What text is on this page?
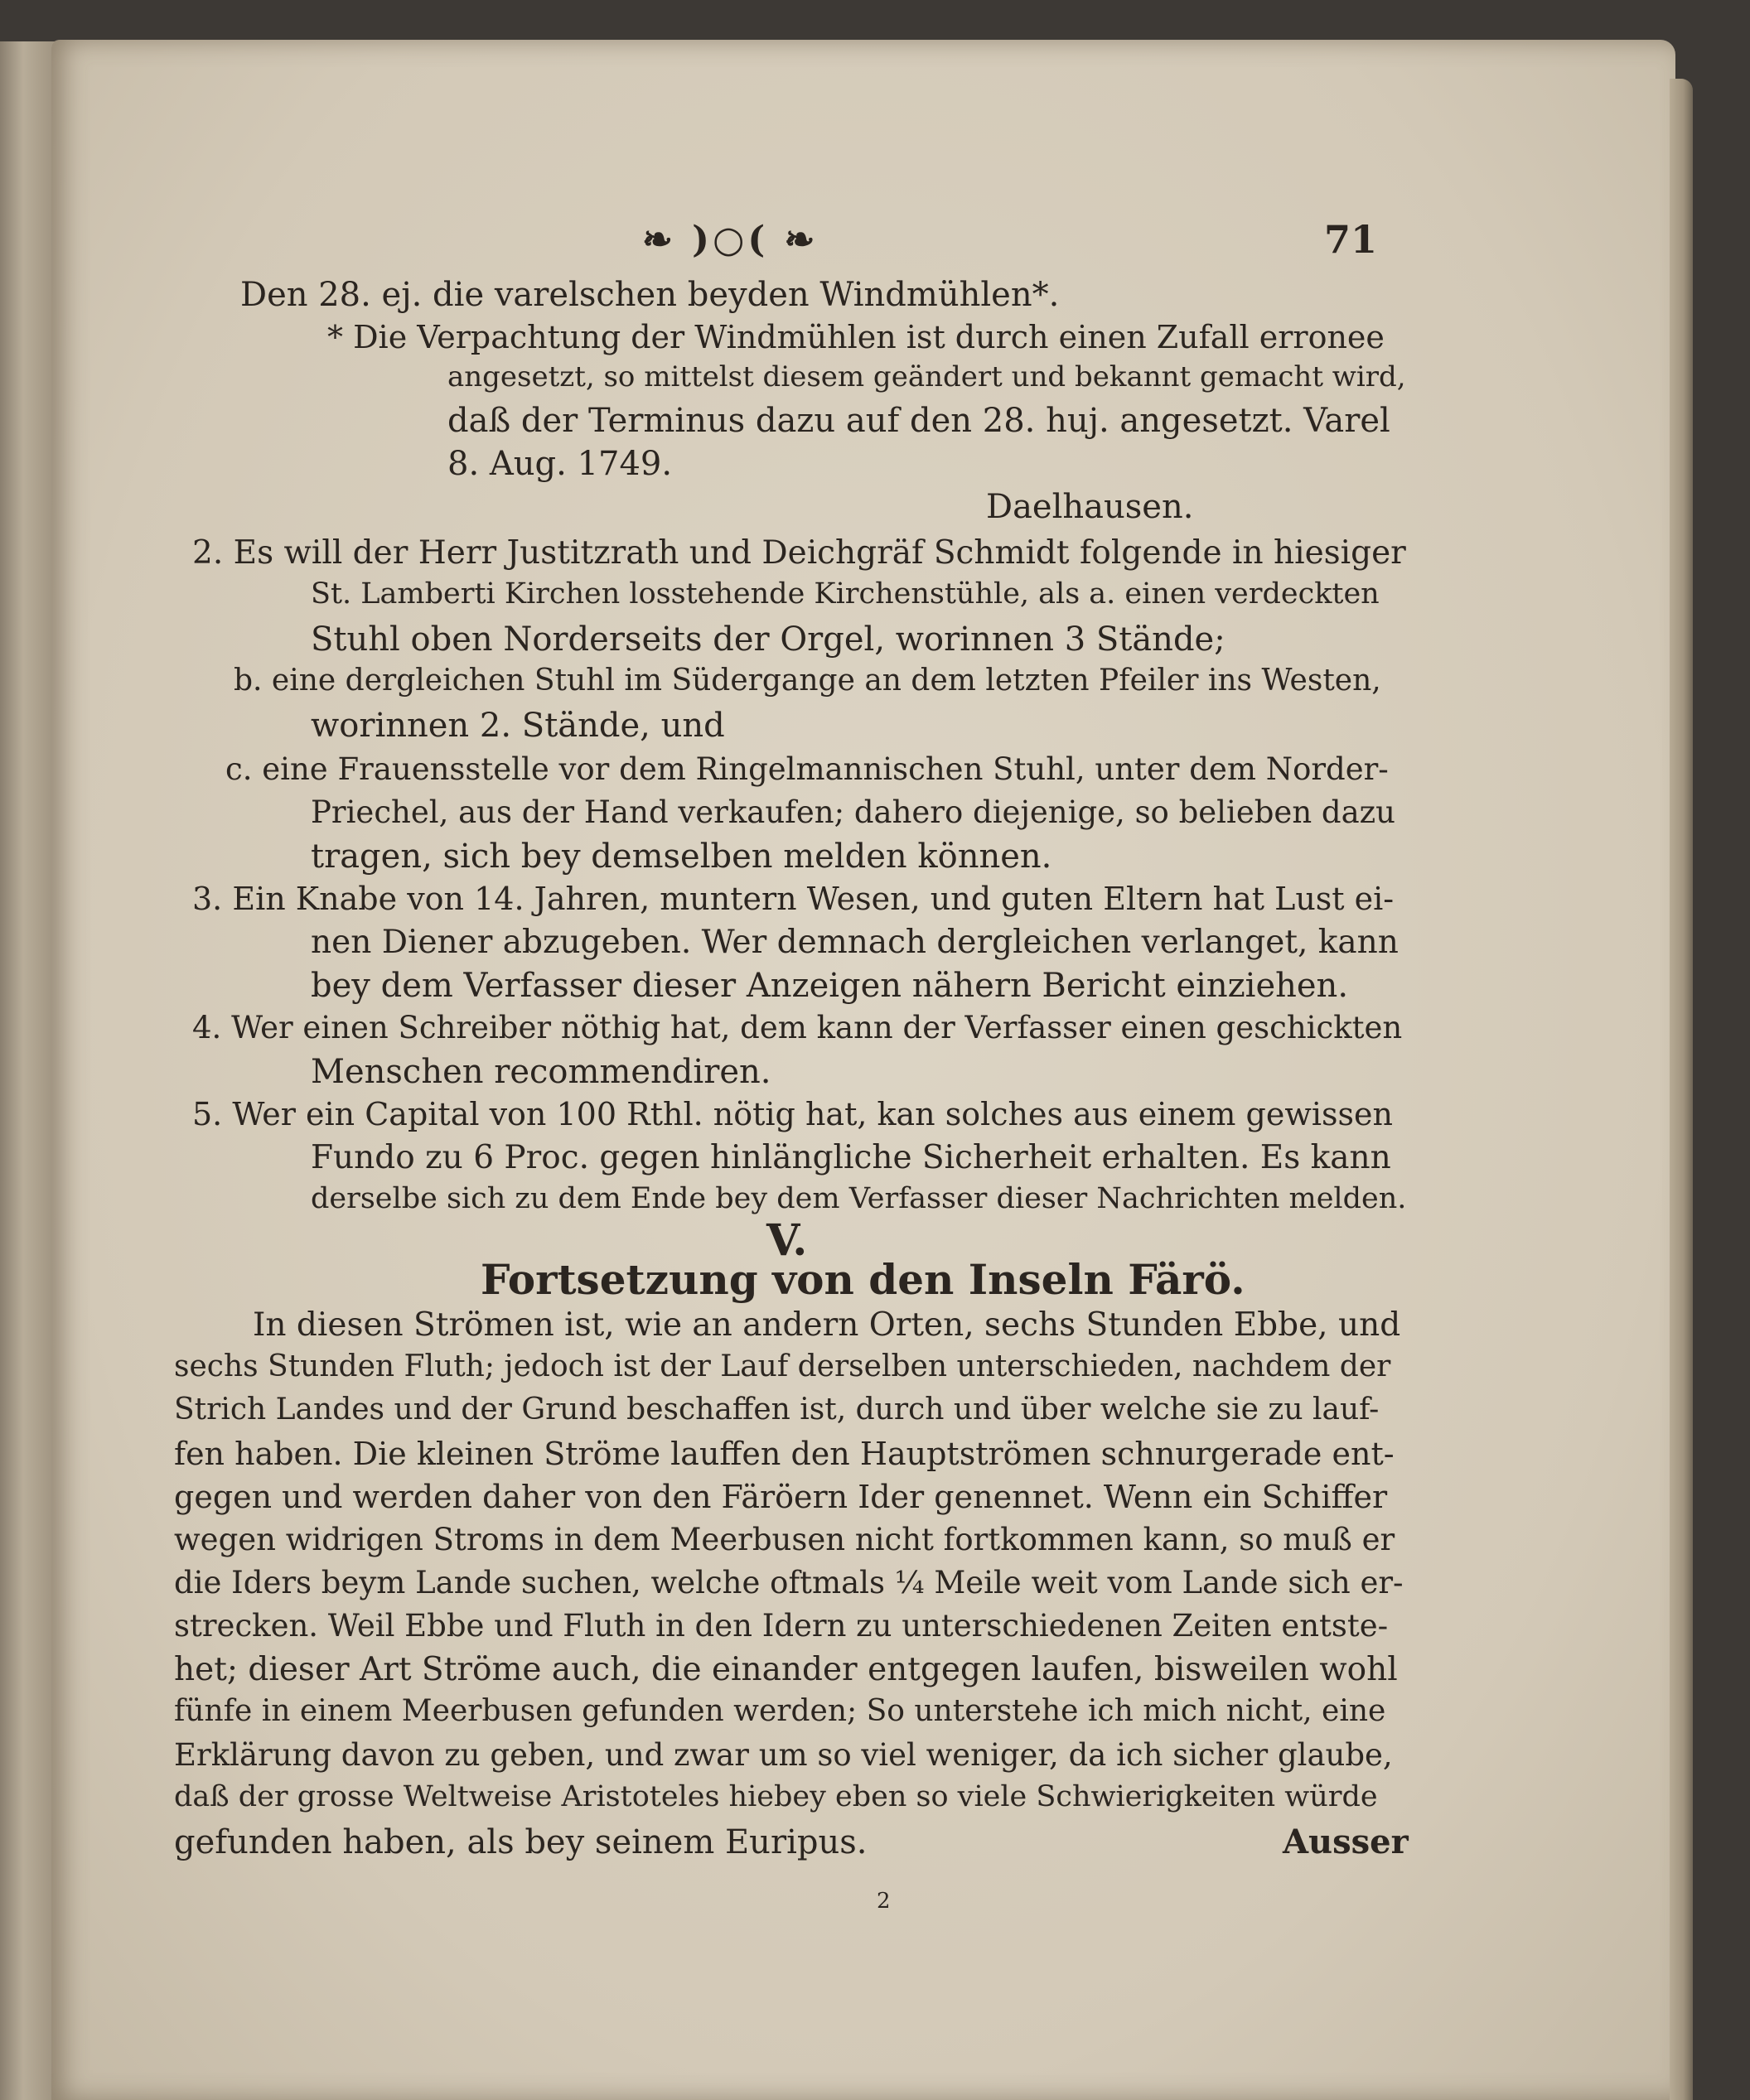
❧ )○( ❧	71
Den 28. ej. die varelschen beyden Windmühlen*.
* Die Verpachtung der Windmühlen ist durch einen Zufall erronee
angesetzt, so mittelst diesem geändert und bekannt gemacht wird,
daß der Terminus dazu auf den 28. huj. angesetzt. Varel
8. Aug. 1749.
Daelhausen.
2. Es will der Herr Justitzrath und Deichgräf Schmidt folgende in hiesiger
St. Lamberti Kirchen losstehende Kirchenstühle, als a. einen verdeckten
Stuhl oben Norderseits der Orgel, worinnen 3 Stände;
b. eine dergleichen Stuhl im Südergange an dem letzten Pfeiler ins Westen,
worinnen 2. Stände, und
c. eine Frauensstelle vor dem Ringelmannischen Stuhl, unter dem Norder-
Priechel, aus der Hand verkaufen; dahero diejenige, so belieben dazu
tragen, sich bey demselben melden können.
3. Ein Knabe von 14. Jahren, muntern Wesen, und guten Eltern hat Lust ei-
nen Diener abzugeben. Wer demnach dergleichen verlanget, kann
bey dem Verfasser dieser Anzeigen nähern Bericht einziehen.
4. Wer einen Schreiber nöthig hat, dem kann der Verfasser einen geschickten
Menschen recommendiren.
5. Wer ein Capital von 100 Rthl. nötig hat, kan solches aus einem gewissen
Fundo zu 6 Proc. gegen hinlängliche Sicherheit erhalten. Es kann
derselbe sich zu dem Ende bey dem Verfasser dieser Nachrichten melden.
V.
Fortsetzung von den Inseln Färö.
In diesen Strömen ist, wie an andern Orten, sechs Stunden Ebbe, und
sechs Stunden Fluth; jedoch ist der Lauf derselben unterschieden, nachdem der
Strich Landes und der Grund beschaffen ist, durch und über welche sie zu lauf-
fen haben. Die kleinen Ströme lauffen den Hauptströmen schnurgerade ent-
gegen und werden daher von den Färöern Ider genennet. Wenn ein Schiffer
wegen widrigen Stroms in dem Meerbusen nicht fortkommen kann, so muß er
die Iders beym Lande suchen, welche oftmals ¼ Meile weit vom Lande sich er-
strecken. Weil Ebbe und Fluth in den Idern zu unterschiedenen Zeiten entste-
het; dieser Art Ströme auch, die einander entgegen laufen, bisweilen wohl
fünfe in einem Meerbusen gefunden werden; So unterstehe ich mich nicht, eine
Erklärung davon zu geben, und zwar um so viel weniger, da ich sicher glaube,
daß der grosse Weltweise Aristoteles hiebey eben so viele Schwierigkeiten würde
gefunden haben, als bey seinem Euripus.	Ausser
2
